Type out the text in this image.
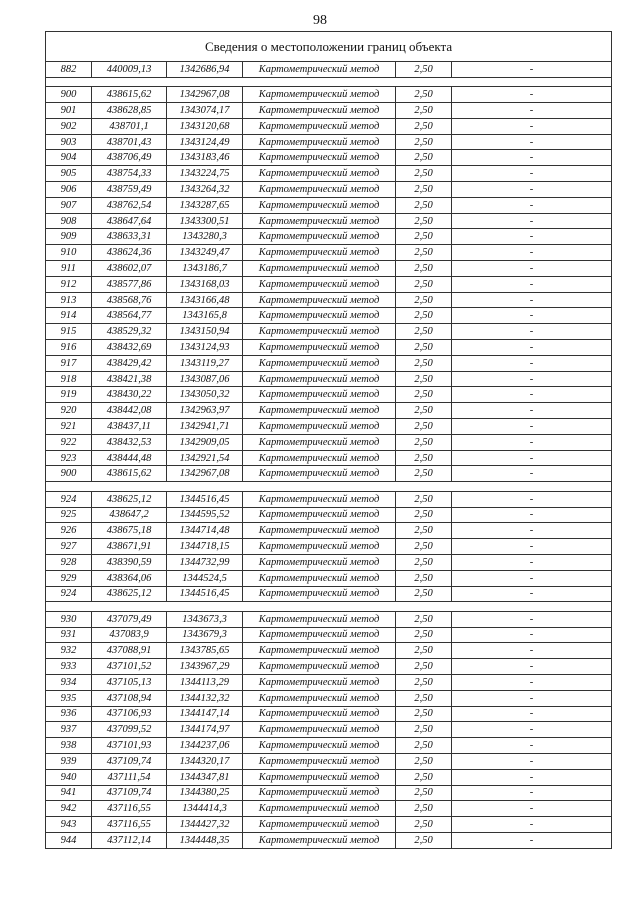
98
Сведения о местоположении границ объекта					
882	440009,13	1342686,94	Картометрический метод	2,50	-

900	438615,62	1342967,08	Картометрический метод	2,50	-
901	438628,85	1343074,17	Картометрический метод	2,50	-
902	438701,1	1343120,68	Картометрический метод	2,50	-
903	438701,43	1343124,49	Картометрический метод	2,50	-
904	438706,49	1343183,46	Картометрический метод	2,50	-
905	438754,33	1343224,75	Картометрический метод	2,50	-
906	438759,49	1343264,32	Картометрический метод	2,50	-
907	438762,54	1343287,65	Картометрический метод	2,50	-
908	438647,64	1343300,51	Картометрический метод	2,50	-
909	438633,31	1343280,3	Картометрический метод	2,50	-
910	438624,36	1343249,47	Картометрический метод	2,50	-
911	438602,07	1343186,7	Картометрический метод	2,50	-
912	438577,86	1343168,03	Картометрический метод	2,50	-
913	438568,76	1343166,48	Картометрический метод	2,50	-
914	438564,77	1343165,8	Картометрический метод	2,50	-
915	438529,32	1343150,94	Картометрический метод	2,50	-
916	438432,69	1343124,93	Картометрический метод	2,50	-
917	438429,42	1343119,27	Картометрический метод	2,50	-
918	438421,38	1343087,06	Картометрический метод	2,50	-
919	438430,22	1343050,32	Картометрический метод	2,50	-
920	438442,08	1342963,97	Картометрический метод	2,50	-
921	438437,11	1342941,71	Картометрический метод	2,50	-
922	438432,53	1342909,05	Картометрический метод	2,50	-
923	438444,48	1342921,54	Картометрический метод	2,50	-
900	438615,62	1342967,08	Картометрический метод	2,50	-

924	438625,12	1344516,45	Картометрический метод	2,50	-
925	438647,2	1344595,52	Картометрический метод	2,50	-
926	438675,18	1344714,48	Картометрический метод	2,50	-
927	438671,91	1344718,15	Картометрический метод	2,50	-
928	438390,59	1344732,99	Картометрический метод	2,50	-
929	438364,06	1344524,5	Картометрический метод	2,50	-
924	438625,12	1344516,45	Картометрический метод	2,50	-

930	437079,49	1343673,3	Картометрический метод	2,50	-
931	437083,9	1343679,3	Картометрический метод	2,50	-
932	437088,91	1343785,65	Картометрический метод	2,50	-
933	437101,52	1343967,29	Картометрический метод	2,50	-
934	437105,13	1344113,29	Картометрический метод	2,50	-
935	437108,94	1344132,32	Картометрический метод	2,50	-
936	437106,93	1344147,14	Картометрический метод	2,50	-
937	437099,52	1344174,97	Картометрический метод	2,50	-
938	437101,93	1344237,06	Картометрический метод	2,50	-
939	437109,74	1344320,17	Картометрический метод	2,50	-
940	437111,54	1344347,81	Картометрический метод	2,50	-
941	437109,74	1344380,25	Картометрический метод	2,50	-
942	437116,55	1344414,3	Картометрический метод	2,50	-
943	437116,55	1344427,32	Картометрический метод	2,50	-
944	437112,14	1344448,35	Картометрический метод	2,50	-
